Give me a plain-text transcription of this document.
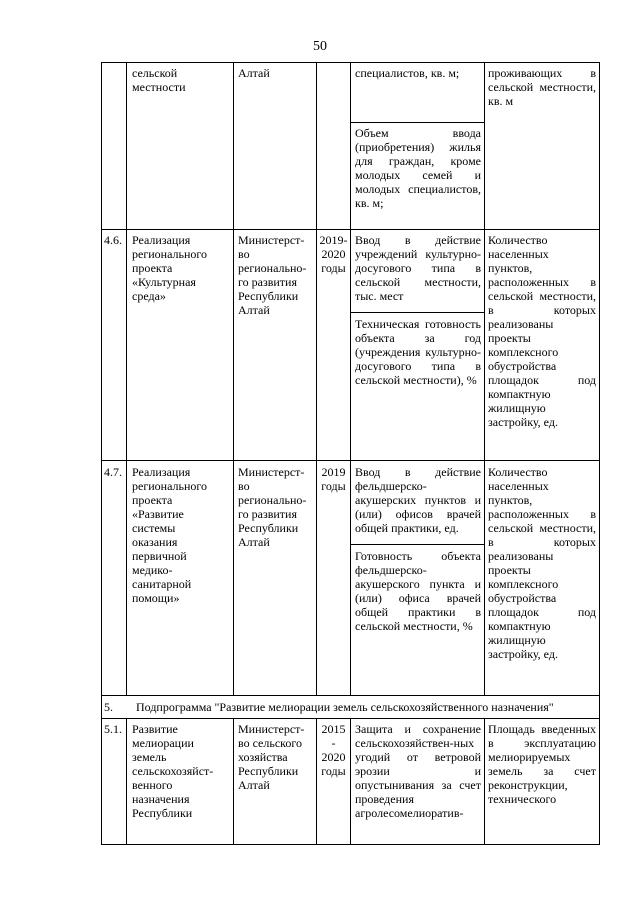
50
сельской
местности
Алтай	специалистов, кв. м;
Объем ввода (приобретения) жилья для граждан, кроме молодых семей и молодых специалистов, кв. м;
проживающих в сельской местности, кв. м
4.6. Реализация
регионального
проекта
«Культурная
среда»
Министерст-
во
регионально-
го развития
Республики
Алтай
2019-
2020
годы
Ввод в действие учреждений культурно-досугового типа в сельской местности, тыс. мест
Техническая готовность объекта за год (учреждения культурно-досугового типа в сельской местности), %
Количество населенных пунктов, расположенных в сельской местности, в которых реализованы проекты комплексного обустройства площадок под компактную жилищную застройку, ед.
4.7. Реализация
регионального
проекта
«Развитие
системы
оказания
первичной
медико-
санитарной
помощи»
Министерст-
во
регионально-
го развития
Республики
Алтай
2019
годы
Ввод в действие фельдшерско-акушерских пунктов и (или) офисов врачей общей практики, ед.
Готовность объекта фельдшерско-акушерского пункта и (или) офиса врачей общей практики в сельской местности, %
Количество населенных пунктов, расположенных в сельской местности, в которых реализованы проекты комплексного обустройства площадок под компактную жилищную застройку, ед.
5.	Подпрограмма "Развитие мелиорации земель сельскохозяйственного назначения"
5.1. Развитие
мелиорации
земель
сельскохозяйст-
венного
назначения
Республики
Министерст-
во сельского
хозяйства
Республики
Алтай
2015
-
2020
годы
Защита и сохранение сельскохозяйствен-ных угодий от ветровой эрозии и опустынивания за счет проведения агролесомелиоратив-
Площадь введенных в эксплуатацию мелиорируемых земель за счет реконструкции, технического
